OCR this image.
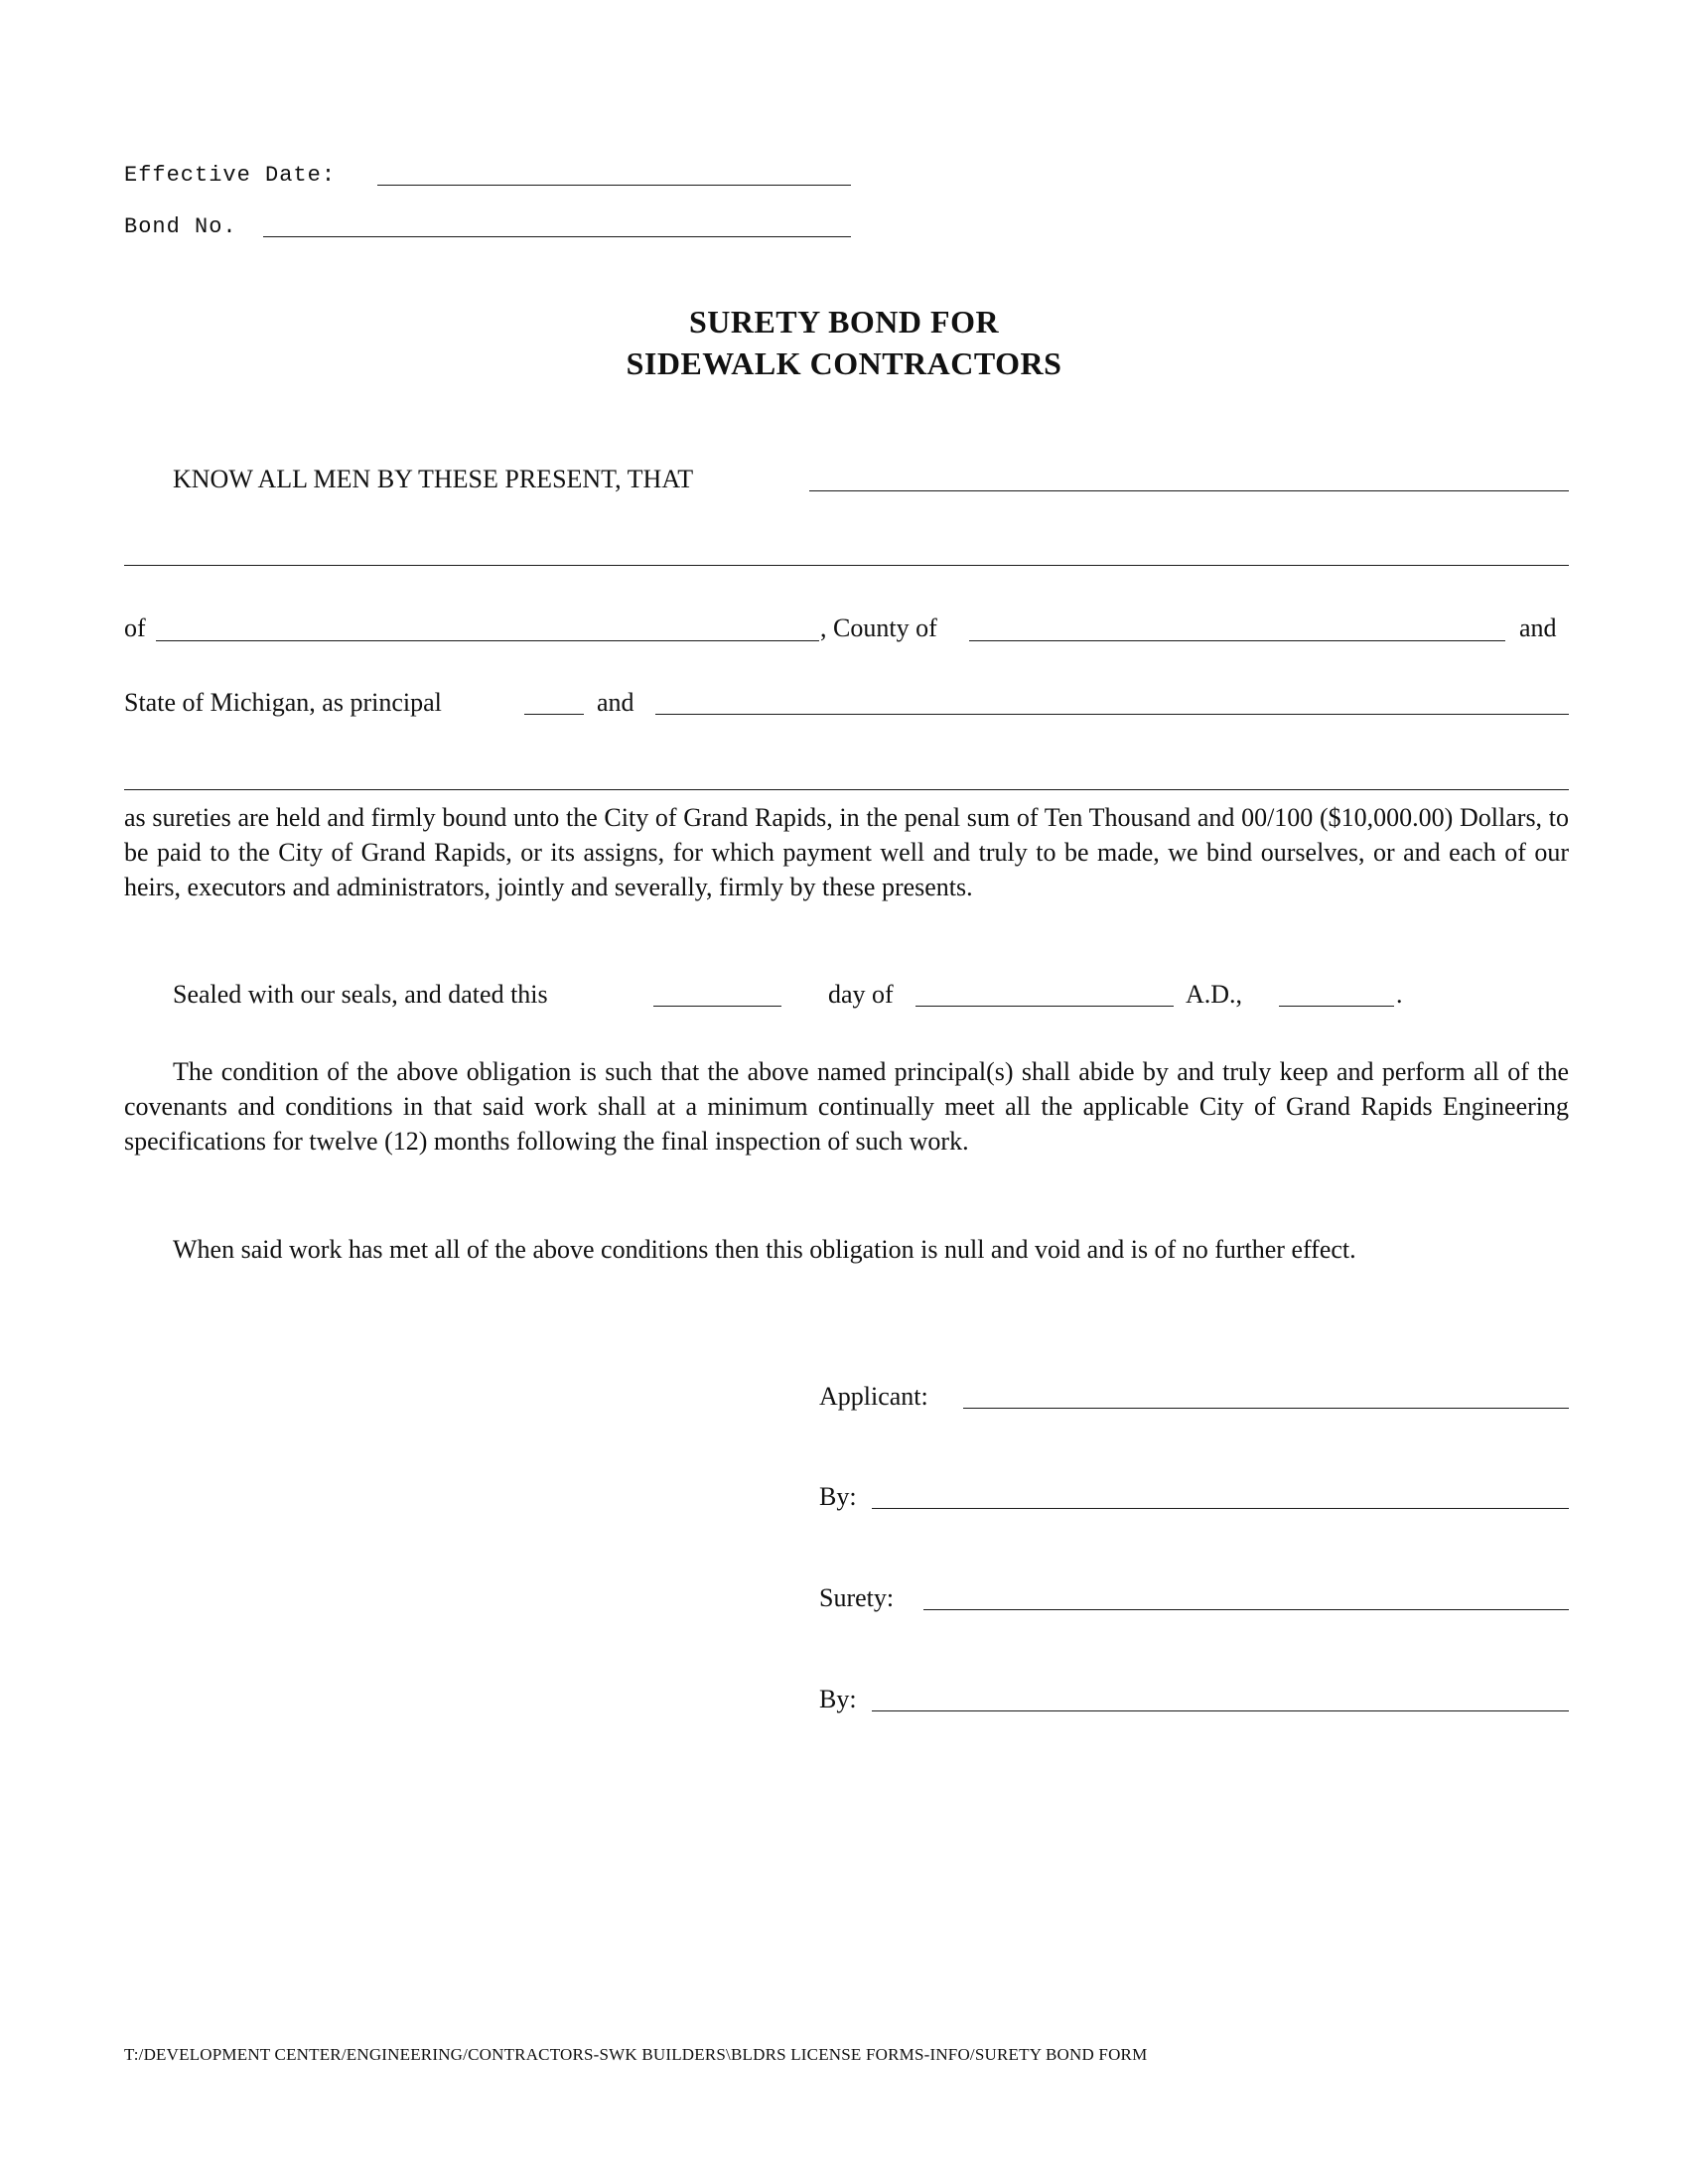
Effective Date:
Bond No.
SURETY BOND FOR
SIDEWALK CONTRACTORS
KNOW ALL MEN BY THESE PRESENT, THAT
of	, County of	and
State of Michigan, as principal	and
as sureties are held and firmly bound unto the City of Grand Rapids, in the penal sum of Ten Thousand and 00/100 ($10,000.00) Dollars, to be paid to the City of Grand Rapids, or its assigns, for which payment well and truly to be made, we bind ourselves, or and each of our heirs, executors and administrators, jointly and severally, firmly by these presents.
Sealed with our seals, and dated this	day of	A.D.,	.
The condition of the above obligation is such that the above named principal(s) shall abide by and truly keep and perform all of the covenants and conditions in that said work shall at a minimum continually meet all the applicable City of Grand Rapids Engineering specifications for twelve (12) months following the final inspection of such work.
When said work has met all of the above conditions then this obligation is null and void and is of no further effect.
Applicant:
By:
Surety:
By:
T:/DEVELOPMENT CENTER/ENGINEERING/CONTRACTORS-SWK BUILDERS\BLDRS LICENSE FORMS-INFO/SURETY BOND FORM
